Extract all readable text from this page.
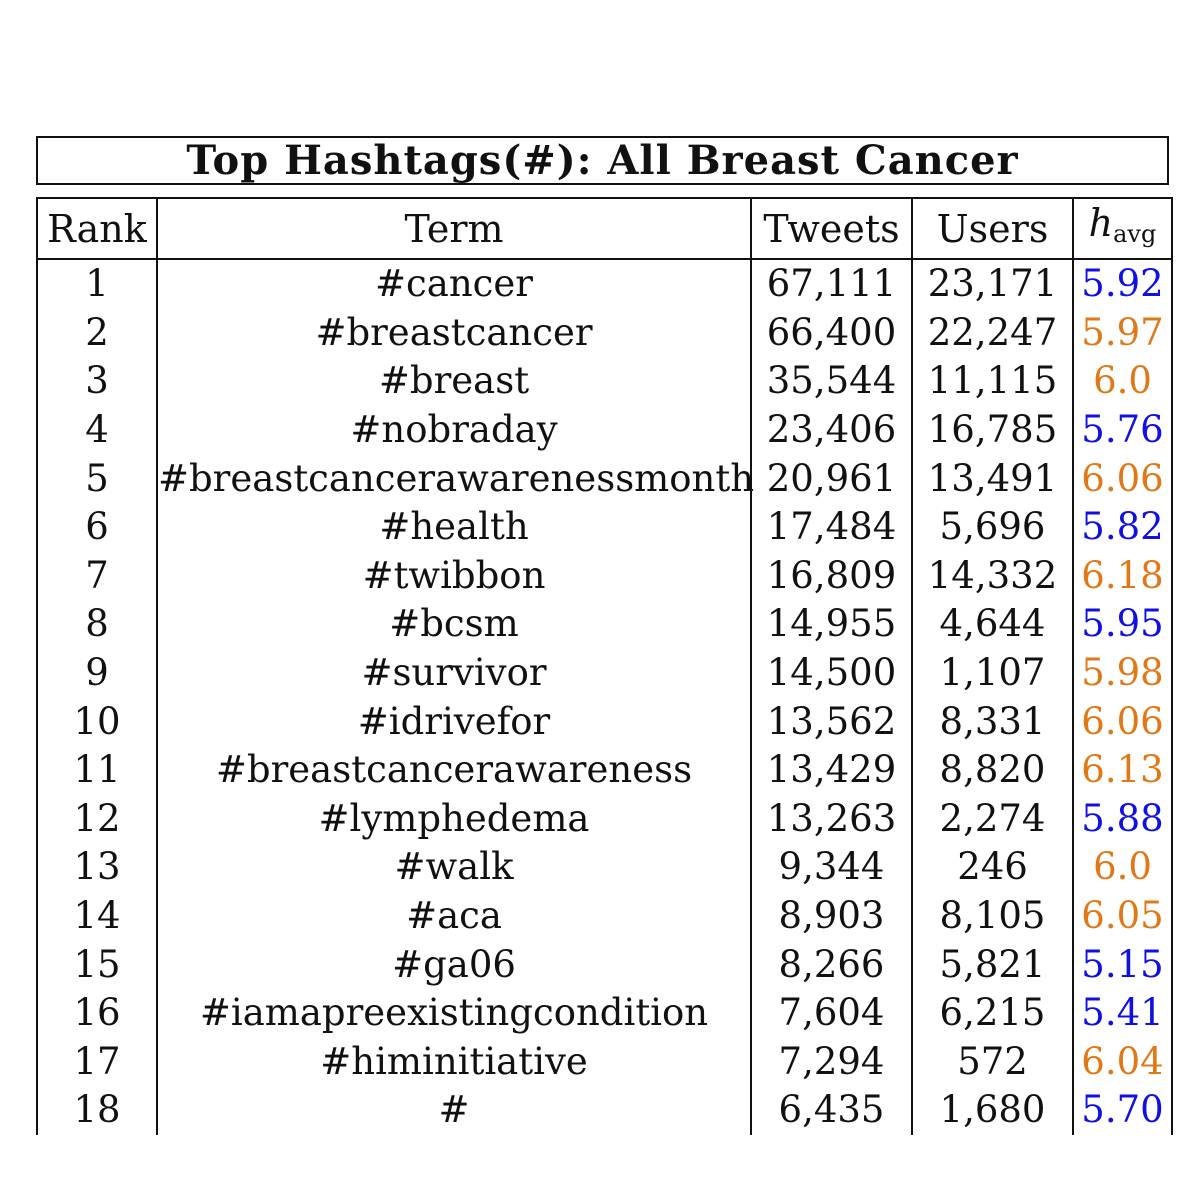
Top Hashtags(#): All Breast Cancer
Rank	Term	Tweets	Users	$h_{avg}$
1	#cancer	67,111	23,171	5.92
2	#breastcancer	66,400	22,247	5.97
3	#breast	35,544	11,115	6.0
4	#nobraday	23,406	16,785	5.76
5	#breastcancerawarenessmonth	20,961	13,491	6.06
6	#health	17,484	5,696	5.82
7	#twibbon	16,809	14,332	6.18
8	#bcsm	14,955	4,644	5.95
9	#survivor	14,500	1,107	5.98
10	#idrivefor	13,562	8,331	6.06
11	#breastcancerawareness	13,429	8,820	6.13
12	#lymphedema	13,263	2,274	5.88
13	#walk	9,344	246	6.0
14	#aca	8,903	8,105	6.05
15	#ga06	8,266	5,821	5.15
16	#iamapreexistingcondition	7,604	6,215	5.41
17	#himinitiative	7,294	572	6.04
18	#	6,435	1,680	5.70
